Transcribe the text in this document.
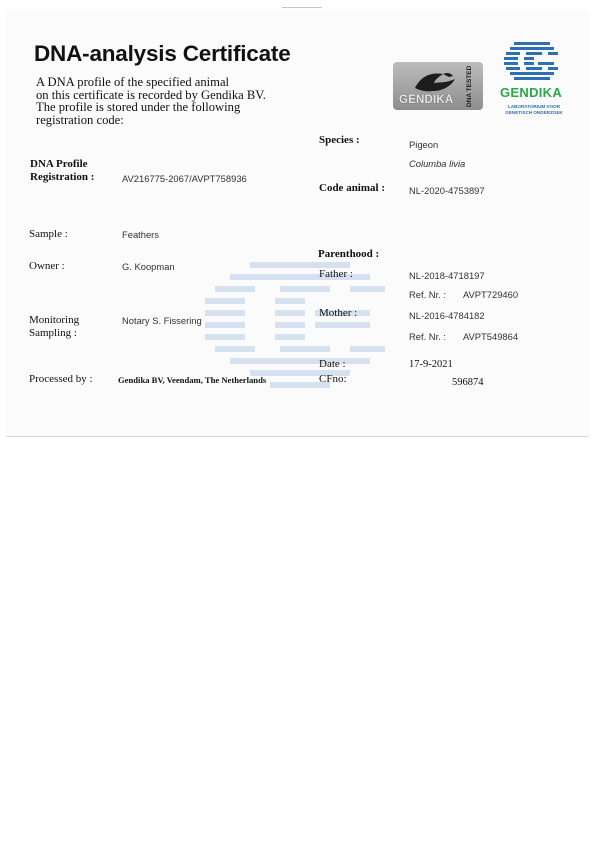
DNA-analysis Certificate
A DNA profile of the specified animal
on this certificate is recorded by Gendika BV.
The profile is stored under the following
registration code:
GENDIKA DNA TESTED	GENDIKA
LABORATORIUM VOOR
GENETISCH ONDERZOEK
DNA Profile
Registration :	AV216775-2067/AVPT758936
Sample :	Feathers
Owner :	G. Koopman
Monitoring
Sampling :
Notary S. Fissering
Processed by :	Gendika BV, Veendam, The Netherlands
Species :	Pigeon
Columba livia
Code animal :	NL-2020-4753897
Parenthood :
Father :	NL-2018-4718197
Ref. Nr. : AVPT729460
Mother :	NL-2016-4784182
Ref. Nr. : AVPT549864
Date :	17-9-2021
CFno:	596874
